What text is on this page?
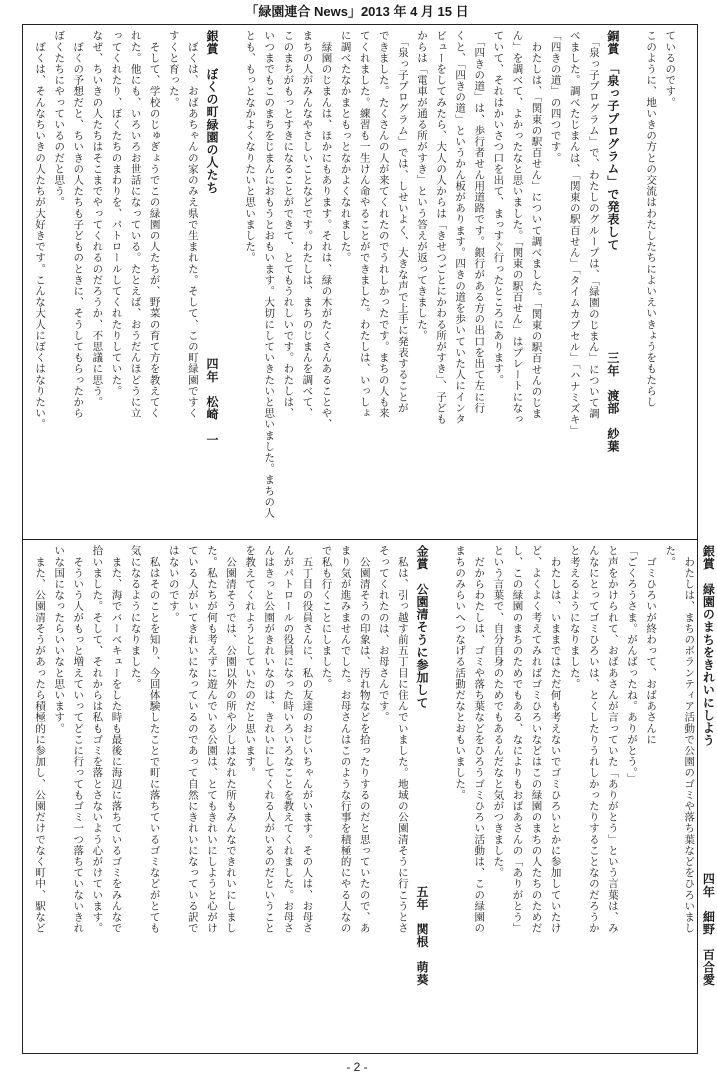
「緑園連合 News」2013 年 4 月 15 日
ているのです。
このように、地いきの方との交流はわたしたちによいえいきょうをもたらし

銅賞　「泉っ子プログラム」で発表して　　　　　　　　三年　渡部　紗葉
　「泉っ子プログラム」で、わたしのグループは、「緑園のじまん」について調
べました。調べたじまんは、「関東の駅百せん」「タイムカプセル」「ハナミズキ」
「四きの道」の四つです。
　わたしは、「関東の駅百せん」について調べました。「関東の駅百せんのじま
ん」を調べて、よかったなと思いました。「関東の駅百せん」はプレートになっ
ていて、それはかいさつ口を出て、まっすぐ行ったところにあります。
　「四きの道」は、歩行者せん用道路です。銀行がある方の出口を出て左に行
くと、「四きの道」というかん板があります。四きの道を歩いていた人にインタ
ビューをしてみたら、大人の人からは「きせつごとにかわる所がすき」、子ども
からは「電車が通る所がすき」という答えが返ってきました。
　「泉っ子プログラム」では、しせいよく、大きな声で上手に発表することが
できました。たくさんの人が来てくれたのでうれしかったです。まちの人も来
てくれました。練習も一生けん命やることができました。わたしは、いっしょ
に調べたなかまともっとなかよくなれました。
　緑園のじまんは、ほかにもあります。それは、緑の木がたくさんあることや、
まちの人がみんなやさしいことなどです。わたしは、まちのじまんを調べて、
このまちがもっとすきになることができて、とてもうれしいです。わたしは、
いつまでもこのまちをじまんにおもうとおもいます。大切にしていきたいと思いました。まちの人
とも、もっとなかよくなりたいと思いました。

銀賞　ぼくの町緑園の人たち　　　　　　　　　　　　　四年　松崎　一
　ぼくは、おばあちゃんの家のみえ県で生まれた。そして、この町緑園ですく
すくと育った。
　そして、学校のじゅぎょうでこの緑園の人たちが、野菜の育て方を教えてく
れた。他にも、いろいろお世話になっている。たとえば、おうだんほどうに立
ってくれたり、ぼくたちのまわりを、パトロールしてくれたりしていた。
なぜ、ちいきの人たちはそこまでやってくれるのだろうか、不思議に思う。
　ぼくの予想だと、ちいきの人たちも子どものときに、そうしてもらったから
ぼくたちにやっているのだと思う。
　ぼくは、そんなちいきの人たちが大好きです。こんな大人にぼくはなりたい。
銀賞　緑園のまちをきれいにしよう　　　　　　　　　　四年　細野　百合愛
　わたしは、まちのボランティア活動で公園のゴミや落ち葉などをひろいまし
た。
　ゴミひろいが終わって、おばあさんに
「ごくろうさま。がんばったね。ありがとう。」
と声をかけられて、おばあさんが言っていた「ありがとう」という言葉は、み
んなにとってゴミひろいは、とくしたりうれしかったりすることなのだろうか
と考えるようになりました。
　わたしは、いままではただ何も考えないでゴミひろいとかに参加していたけ
ど、よくよく考えてみればゴミひろいなどはこの緑園のまちの人たちのためだ
し、この緑園のまちのためでもある、なによりもおばあさんの「ありがとう」
という言葉で、自分自身のためでもあるんだなと気がつきました。
　だからわたしは、ゴミや落ち葉などをひろうゴミひろい活動は、この緑園の
まちのみらいへつなげる活動だなとおもいました。

金賞　公園清そうに参加して　　　　　　　　　　　　　　五年　関根　萌葵
　私は、引っ越す前五丁目に住んでいました。地域の公園清そうに行こうとさ
そってくれたのは、お母さんです。
　公園清そうの印象は、汚れ物などを拾ったりするのだと思っていたので、あ
まり気が進みませんでした。お母さんはこのような行事を積極的にやる人なの
で私も行くことにしました。
　五丁目の役員さんに、私の友達のおじいちゃんがいます。その人は、お母さ
んがパトロールの役員になった時いろいろなことを教えてくれました。お母さ
んはきっと公園がきれいなのは、きれいにしてくれる人がいるのだということ
を教えてくれようとしていたのだと思います。
　公園清そうでは、公園以外の所や少しはなれた所もみんなできれいにしまし
た。私たちが何も考えずに遊んでいる公園は、とてもきれいにしようと心がけ
ている人がいてきれいになっているのであって自然にきれいになっている訳で
はないのです。
　私はそのことを知り、今回体験したことで町に落ちているゴミなどがとても
気になるようになりました。
　また、海でバーベキューをした時も最後に海辺に落ちているゴミをみんなで
拾いました。そして、それからは私もゴミを落とさないよう心がけています。
　そういう人がもっと増えていってどこに行ってもゴミ一つ落ちていないきれ
いな国になったらいいなと思います。
　また、公園清そうがあったら積極的に参加し、公園だけでなく町中、駅など
- 2 -
